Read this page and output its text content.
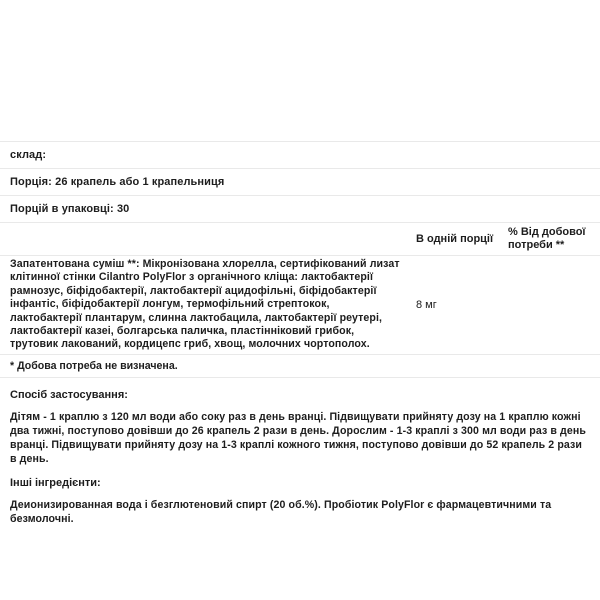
склад:
Порція: 26 крапель або 1 крапельниця
Порцій в упаковці: 30
В одній порції
% Від добової потреби **
Запатентована суміш **: Мікронізована хлорелла, сертифікований лизат клітинної стінки Cilantro PolyFlor з органічного кліща: лактобактерії рамнозус, біфідобактерії, лактобактерії ацидофільні, біфідобактерії інфантіс, біфідобактерії лонгум, термофільний стрептокок, лактобактерії плантарум, слинна лактобацила, лактобактерії реутері, лактобактерії казеі, болгарська паличка, пластінніковий грибок, трутовик лакований, кордицепс гриб, хвощ, молочних чортополох.
8 мг
* Добова потреба не визначена.
Спосіб застосування:
Дітям - 1 краплю з 120 мл води або соку раз в день вранці. Підвищувати прийняту дозу на 1 краплю кожні два тижні, поступово довівши до 26 крапель 2 рази в день. Дорослим - 1-3 краплі з 300 мл води раз в день вранці. Підвищувати прийняту дозу на 1-3 краплі кожного тижня, поступово довівши до 52 крапель 2 рази в день.
Інші інгредієнти:
Деионизированная вода і безглютеновий спирт (20 об.%). Пробіотик PolyFlor є фармацевтичними та безмолочні.
